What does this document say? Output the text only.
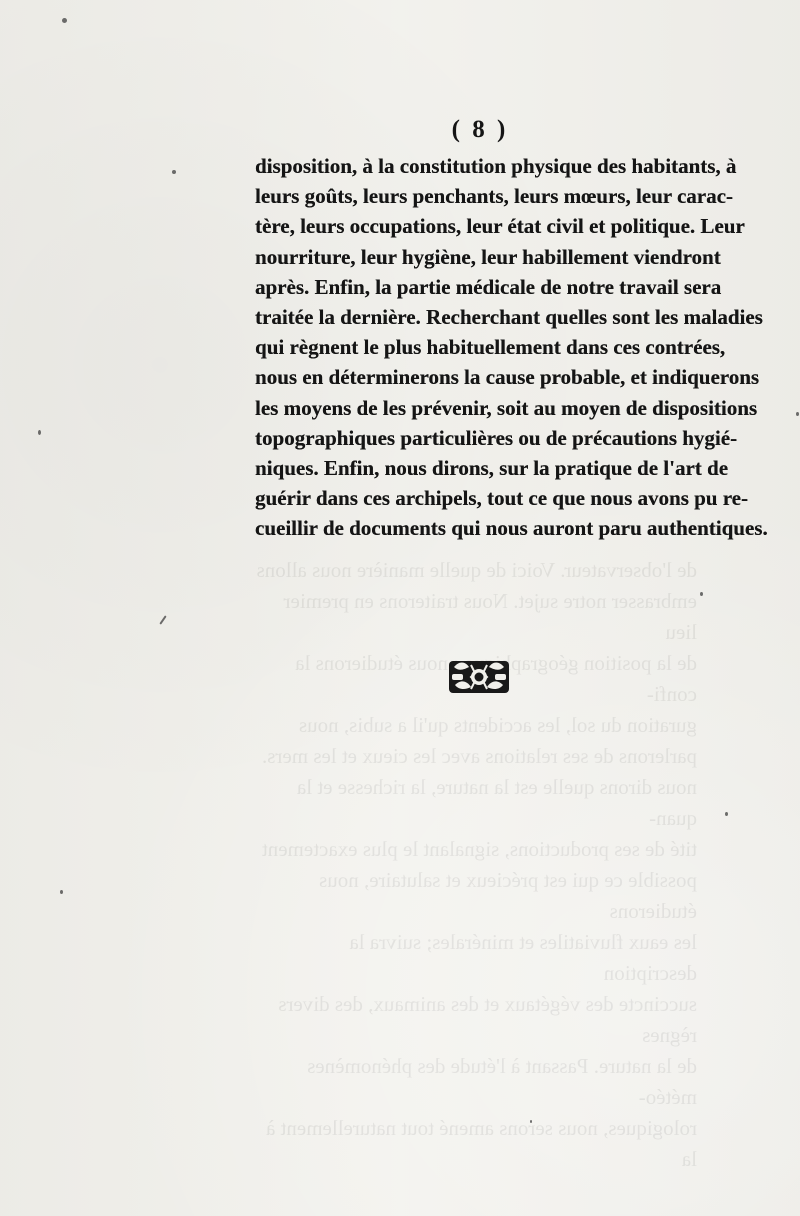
de l'observateur. Voici de quelle manière nous allons
embrasser notre sujet. Nous traiterons en premier lieu
de la position géographique nous étudierons la confi-
guration du sol, les accidents qu'il a subis, nous
parlerons de ses relations avec les cieux et les mers.
nous dirons quelle est la nature, la richesse et la quan-
tité de ses productions, signalant le plus exactement
possible ce qui est précieux et salutaire, nous étudierons
les eaux fluviatiles et minérales; suivra la description
succincte des végétaux et des animaux, des divers règnes
de la nature. Passant à l'étude des phénomènes météo-
rologiques, nous serons amené tout naturellement à la
( 8 )
disposition, à la constitution physique des habitants, à
leurs goûts, leurs penchants, leurs mœurs, leur carac-
tère, leurs occupations, leur état civil et politique. Leur
nourriture, leur hygiène, leur habillement viendront
après. Enfin, la partie médicale de notre travail sera
traitée la dernière. Recherchant quelles sont les maladies
qui règnent le plus habituellement dans ces contrées,
nous en déterminerons la cause probable, et indiquerons
les moyens de les prévenir, soit au moyen de dispositions
topographiques particulières ou de précautions hygié-
niques. Enfin, nous dirons, sur la pratique de l'art de
guérir dans ces archipels, tout ce que nous avons pu re-
cueillir de documents qui nous auront paru authentiques.
